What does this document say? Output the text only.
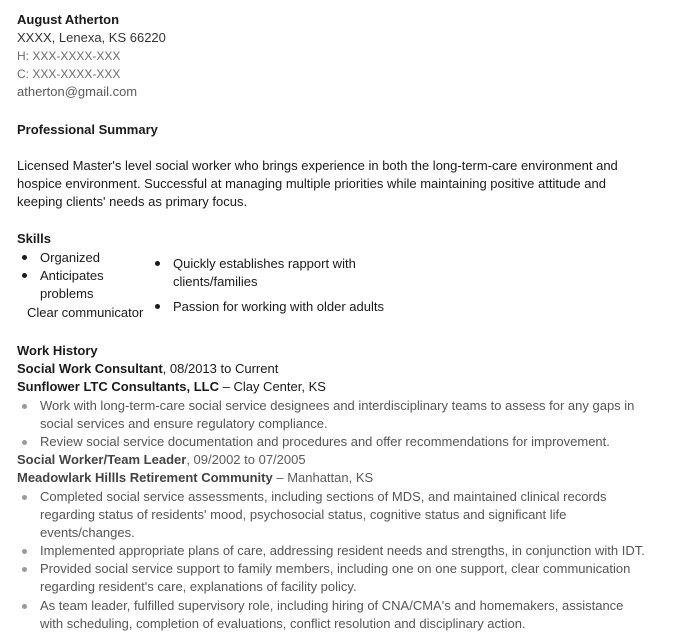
August Atherton
XXXX, Lenexa, KS 66220
H: XXX-XXXX-XXX
C: XXX-XXXX-XXX
atherton@gmail.com
Professional Summary
Licensed Master's level social worker who brings experience in both the long-term-care environment and
hospice environment. Successful at managing multiple priorities while maintaining positive attitude and
keeping clients' needs as primary focus.
Skills
Organized
Anticipates
problems
Clear communicator
Quickly establishes rapport with
clients/families
Passion for working with older adults
Work History
Social Work Consultant, 08/2013 to Current
Sunflower LTC Consultants, LLC – Clay Center, KS
Work with long-term-care social service designees and interdisciplinary teams to assess for any gaps in
social services and ensure regulatory compliance.
Review social service documentation and procedures and offer recommendations for improvement.
Social Worker/Team Leader, 09/2002 to 07/2005
Meadowlark Hillls Retirement Community – Manhattan, KS
Completed social service assessments, including sections of MDS, and maintained clinical records
regarding status of residents' mood, psychosocial status, cognitive status and significant life
events/changes.
Implemented appropriate plans of care, addressing resident needs and strengths, in conjunction with IDT.
Provided social service support to family members, including one on one support, clear communication
regarding resident's care, explanations of facility policy.
As team leader, fulfilled supervisory role, including hiring of CNA/CMA's and homemakers, assistance
with scheduling, completion of evaluations, conflict resolution and disciplinary action.
